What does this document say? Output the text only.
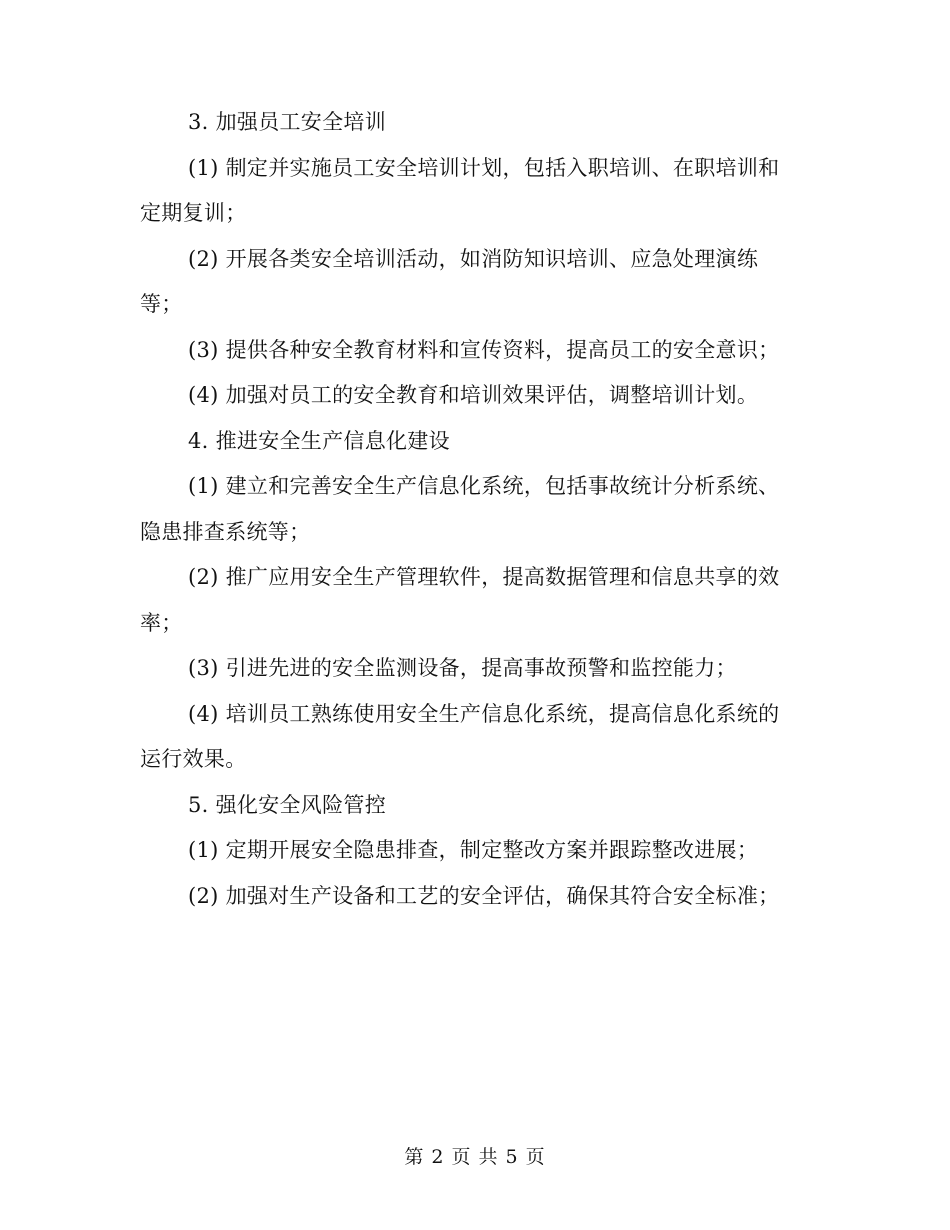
3. 加强员工安全培训

(1) 制定并实施员工安全培训计划，包括入职培训、在职培训和定期复训；

(2) 开展各类安全培训活动，如消防知识培训、应急处理演练等；

(3) 提供各种安全教育材料和宣传资料，提高员工的安全意识；

(4) 加强对员工的安全教育和培训效果评估，调整培训计划。

4. 推进安全生产信息化建设

(1) 建立和完善安全生产信息化系统，包括事故统计分析系统、隐患排查系统等；

(2) 推广应用安全生产管理软件，提高数据管理和信息共享的效率；

(3) 引进先进的安全监测设备，提高事故预警和监控能力；

(4) 培训员工熟练使用安全生产信息化系统，提高信息化系统的运行效果。

5. 强化安全风险管控

(1) 定期开展安全隐患排查，制定整改方案并跟踪整改进展；

(2) 加强对生产设备和工艺的安全评估，确保其符合安全标准；

第 2 页 共 5 页
